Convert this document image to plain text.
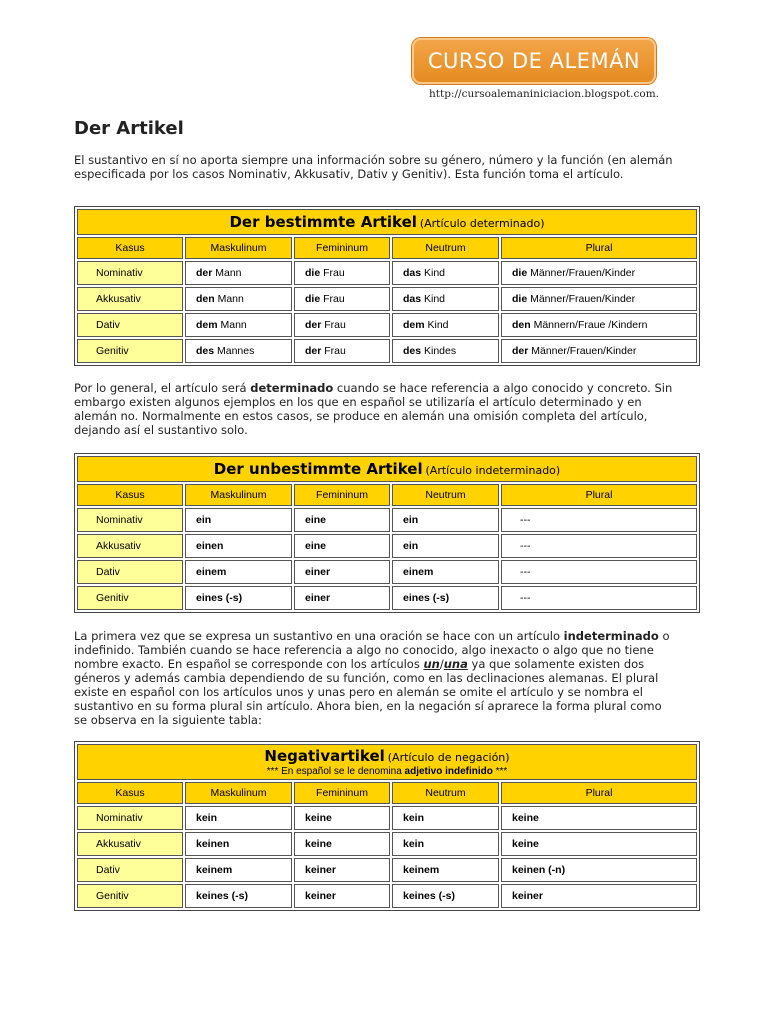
CURSO DE ALEMÁN
http://cursoalemaniniciacion.blogspot.com.
Der Artikel

El sustantivo en sí no aporta siempre una información sobre su género, número y la función (en alemán especificada por los casos Nominativ, Akkusativ, Dativ y Genitiv). Esta función toma el artículo.

Der bestimmte Artikel (Artículo determinado)				
Kasus	Maskulinum	Femininum	Neutrum	Plural
Nominativ	der Mann	die Frau	das Kind	die Männer/Frauen/Kinder
Akkusativ	den Mann	die Frau	das Kind	die Männer/Frauen/Kinder
Dativ	dem Mann	der Frau	dem Kind	den Männern/Fraue /Kindern
Genitiv	des Mannes	der Frau	des Kindes	der Männer/Frauen/Kinder

Por lo general, el artículo será determinado cuando se hace referencia a algo conocido y concreto. Sin embargo existen algunos ejemplos en los que en español se utilizaría el artículo determinado y en alemán no. Normalmente en estos casos, se produce en alemán una omisión completa del artículo, dejando así el sustantivo solo.

Der unbestimmte Artikel (Artículo indeterminado)				
Kasus	Maskulinum	Femininum	Neutrum	Plural
Nominativ	ein	eine	ein	---
Akkusativ	einen	eine	ein	---
Dativ	einem	einer	einem	---
Genitiv	eines (-s)	einer	eines (-s)	---

La primera vez que se expresa un sustantivo en una oración se hace con un artículo indeterminado o indefinido. También cuando se hace referencia a algo no conocido, algo inexacto o algo que no tiene nombre exacto. En español se corresponde con los artículos un/una ya que solamente existen dos géneros y además cambia dependiendo de su función, como en las declinaciones alemanas. El plural existe en español con los artículos unos y unas pero en alemán se omite el artículo y se nombra el sustantivo en su forma plural sin artículo. Ahora bien, en la negación sí aprarece la forma plural como se observa en la siguiente tabla:

Negativartikel (Artículo de negación)
*** En español se le denomina adjetivo indefinido ***				
Kasus	Maskulinum	Femininum	Neutrum	Plural
Nominativ	kein	keine	kein	keine
Akkusativ	keinen	keine	kein	keine
Dativ	keinem	keiner	keinem	keinen (-n)
Genitiv	keines (-s)	keiner	keines (-s)	keiner
